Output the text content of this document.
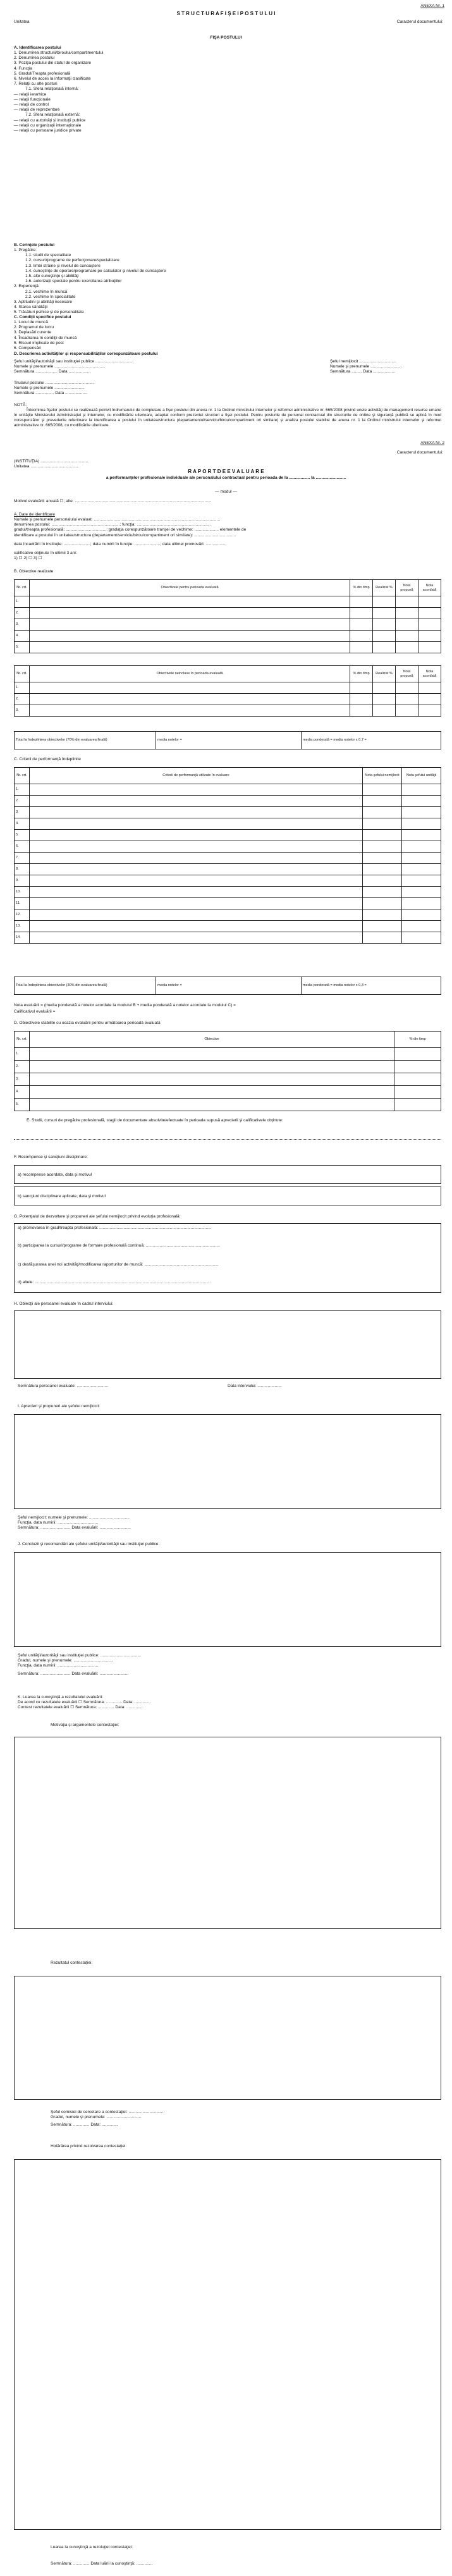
ANEXA Nr. 1
S T R U C T U R A F I Ş E I P O S T U L U I
Unitatea	Caracterul documentului:
FIŞA POSTULUI
A. Identificarea postului
1. Denumirea structurii/biroului/compartimentului
2. Denumirea postului
3. Poziţia postului din statul de organizare
4. Funcţia
5. Gradul/Treapta profesională
6. Nivelul de acces la informaţii clasificate
7. Relaţii cu alte posturi
7.1. Sfera relaţională internă:
— relaţii ierarhice
— relaţii funcţionale
— relaţii de control
— relaţii de reprezentare
7.2. Sfera relaţională externă:
— relaţii cu autorităţi şi instituţii publice
— relaţii cu organizaţii internaţionale
— relaţii cu persoane juridice private
B. Cerinţele postului
1. Pregătire:
1.1. studii de specialitate
1.2. cursuri/programe de perfecţionare/specializare
1.3. limbi străine şi nivelul de cunoaştere
1.4. cunoştinţe de operare/programare pe calculator şi nivelul de cunoaştere
1.5. alte cunoştinţe şi abilităţi
1.6. autorizaţii speciale pentru exercitarea atribuţiilor
2. Experienţă:
2.1. vechime în muncă
2.2. vechime în specialitate
3. Aptitudini şi abilităţi necesare
4. Starea sănătăţii
5. Trăsături psihice şi de personalitate
C. Condiţii specifice postului
1. Locul de muncă
2. Programul de lucru
3. Deplasări curente
4. Încadrarea în condiţii de muncă
5. Riscuri implicate de post
6. Compensări
D. Descrierea activităţilor şi responsabilităţilor corespunzătoare postului
Şeful unităţii/autorităţii sau instituţiei publice .................................
Numele şi prenumele ............................................
Semnătura ................... Data ...................
Şeful nemijlocit ................................
Numele şi prenumele ...........................
Semnătura ......... Data ...................
Titularul postului ..........................................
Numele şi prenumele ..........................
Semnătura ................ Data ...................
NOTĂ:
Întocmirea fişelor postului se realizează potrivit îndrumarului de completare a fişei postului din anexa nr. 1 la Ordinul ministrului internelor şi reformei administrative nr. 665/2008 privind unele activităţi de management resurse umane în unităţile Ministerului Administraţiei şi Internelor, cu modificările ulterioare, adaptat conform prezentei structuri a fişei postului. Pentru posturile de personal contractual din structurile de ordine şi siguranţă publică se aplică în mod corespunzător şi prevederile referitoare la identificarea a postului în unitatea/structura (departamentul/serviciu/birou/compartiment ori similare) şi analiza postului stabilite de anexa nr. 1 la Ordinul ministrului internelor şi reformei administrative nr. 665/2008, cu modificările ulterioare.
ANEXA Nr. 2
Caracterul documentului:
(INSTITUŢIA) .........................................
Unitatea .........................................
R A P O R T D E E V A L U A R E
a performanţelor profesionale individuale ale personalului contractual pentru perioada de la .................. la ..........................
— modul —
Motivul evaluării: anuală ☐; alte: ......................................................................................................................
A. Date de identificare
Numele şi prenumele personalului evaluat: .............................................................................................................
denumirea postului: ...........................................................; funcţia: ................................................................
gradul/treapta profesională: ...................................; gradaţia corespunzătoare tranşei de vechime: ..................... elementele de
identificare a postului în unitatea/structura (departament/serviciu/birou/compartiment ori similare): ....................................
data încadrării în instituţie: .......................; data numirii în funcţie: ......................; data ultimei promovări: ..................
calificative obţinute în ultimii 3 ani:
1) ☐ 2) ☐ 3) ☐
B. Obiective realizate
Nr. crt.	Obiectivele pentru perioada evaluată	% din timp	Realizat %	Nota propusă	Nota acordată
1.					
2.					
3.					
4.					
5.					
Nr. crt.	Obiectivele neincluse în perioada evaluată	% din timp	Realizat %	Nota propusă	Nota acordată
1.					
2.					
3.					
Total la îndeplinirea obiectivelor (70% din evaluarea finală)	media notelor =	media ponderată = media notelor x 0,7 =
C. Criterii de performanţă îndeplinite
Nr. crt.	Criterii de performanţă utilizate în evaluare	Nota şefului nemijlocit	Nota şefului unităţii
1.			
2.			
3.			
4.			
5.			
6.			
7.			
8.			
9.			
10.			
11.			
12.			
13.			
14.			
Total la îndeplinirea obiectivelor (30% din evaluarea finală)	media notelor =	media ponderată = media notelor x 0,3 =
Nota evaluării = (media ponderată a notelor acordate la modulul B + media ponderată a notelor acordate la modulul C) =
Calificativul evaluării =
D. Obiectivele stabilite cu ocazia evaluării pentru următoarea perioadă evaluată
Nr. crt.	Obiective	% din timp
1.		
2.		
3.		
4.		
5.		
E. Studii, cursuri de pregătire profesională, stagii de documentare absolvite/efectuate în perioada supusă aprecierii şi calificativele obţinute:
F. Recompense şi sancţiuni disciplinare:
a) recompense acordate, data şi motivul
b) sancţiuni disciplinare aplicate, data şi motivul
G. Potenţialul de dezvoltare şi propuneri ale şefului nemijlocit privind evoluţia profesională:
a) promovarea în grad/treapta profesională: .................................................................................................
b) participarea la cursuri/programe de formare profesională continuă: ................................................................
c) desfăşurarea unei noi activităţi/modificarea raporturilor de muncă: ................................................................
d) altele: ........................................................................................................................................................
H. Obiecţii ale persoanei evaluate în cadrul interviului:
Semnătura persoanei evaluate: ...........................	Data interviului: .....................
I. Aprecieri şi propuneri ale şefului nemijlocit:
Şeful nemijlocit: numele şi prenumele: ...................................
Funcţia, data numirii: ...................................
Semnătura: .......................... Data evaluării: ...........................
J. Concluzii şi recomandări ale şefului unităţii/autorităţii sau instituţiei publice:
Şeful unităţii/autorităţii sau instituţiei publice: ...................................
Gradul, numele şi prenumele: ..................................
Funcţia, data numirii: ...................................
Semnătura: .......................... Data evaluării: .........................
K. Luarea la cunoştinţă a rezultatului evaluării:
De acord cu rezultatele evaluării ☐ Semnătura: .............. Data: ..............
Contest rezultatele evaluării ☐ Semnătura: .............. Data: ..............
Motivaţia şi argumentele contestaţiei:
Rezultatul contestaţiei:
Şeful comisiei de cercetare a contestaţiei: ..............................
Gradul, numele şi prenumele: ..............................
Semnătura: .............. Data: ..............
Hotărârea privind rezolvarea contestaţiei:
Luarea la cunoştinţă a rezoluţiei contestaţiei:
Semnătura: .............. Data luării la cunoştinţă: ..............
